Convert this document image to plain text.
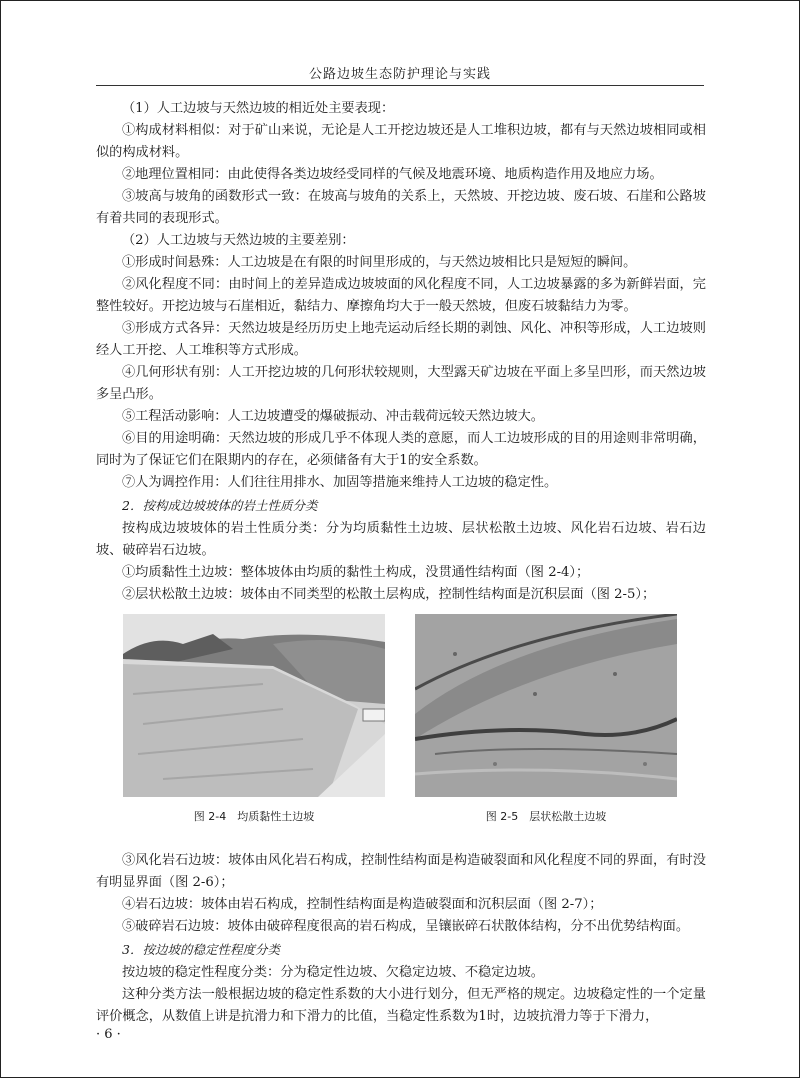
公路边坡生态防护理论与实践

（1）人工边坡与天然边坡的相近处主要表现：

①构成材料相似：对于矿山来说，无论是人工开挖边坡还是人工堆积边坡，都有与天然边坡相同或相似的构成材料。

②地理位置相同：由此使得各类边坡经受同样的气候及地震环境、地质构造作用及地应力场。

③坡高与坡角的函数形式一致：在坡高与坡角的关系上，天然坡、开挖边坡、废石坡、石崖和公路坡有着共同的表现形式。

（2）人工边坡与天然边坡的主要差别：

①形成时间悬殊：人工边坡是在有限的时间里形成的，与天然边坡相比只是短短的瞬间。

②风化程度不同：由时间上的差异造成边坡坡面的风化程度不同，人工边坡暴露的多为新鲜岩面，完整性较好。开挖边坡与石崖相近，黏结力、摩擦角均大于一般天然坡，但废石坡黏结力为零。

③形成方式各异：天然边坡是经历历史上地壳运动后经长期的剥蚀、风化、冲积等形成，人工边坡则经人工开挖、人工堆积等方式形成。

④几何形状有别：人工开挖边坡的几何形状较规则，大型露天矿边坡在平面上多呈凹形，而天然边坡多呈凸形。

⑤工程活动影响：人工边坡遭受的爆破振动、冲击载荷远较天然边坡大。

⑥目的用途明确：天然边坡的形成几乎不体现人类的意愿，而人工边坡形成的目的用途则非常明确，同时为了保证它们在限期内的存在，必须储备有大于1的安全系数。

⑦人为调控作用：人们往往用排水、加固等措施来维持人工边坡的稳定性。

2．按构成边坡坡体的岩土性质分类

按构成边坡坡体的岩土性质分类：分为均质黏性土边坡、层状松散土边坡、风化岩石边坡、岩石边坡、破碎岩石边坡。

①均质黏性土边坡：整体坡体由均质的黏性土构成，没贯通性结构面（图 2-4）；

②层状松散土边坡：坡体由不同类型的松散土层构成，控制性结构面是沉积层面（图 2-5）；

图 2-4　均质黏性土边坡	图 2-5　层状松散土边坡

③风化岩石边坡：坡体由风化岩石构成，控制性结构面是构造破裂面和风化程度不同的界面，有时没有明显界面（图 2-6）；

④岩石边坡：坡体由岩石构成，控制性结构面是构造破裂面和沉积层面（图 2-7）；

⑤破碎岩石边坡：坡体由破碎程度很高的岩石构成，呈镶嵌碎石状散体结构，分不出优势结构面。

3．按边坡的稳定性程度分类

按边坡的稳定性程度分类：分为稳定性边坡、欠稳定边坡、不稳定边坡。

这种分类方法一般根据边坡的稳定性系数的大小进行划分，但无严格的规定。边坡稳定性的一个定量评价概念，从数值上讲是抗滑力和下滑力的比值，当稳定性系数为1时，边坡抗滑力等于下滑力，

· 6 ·
